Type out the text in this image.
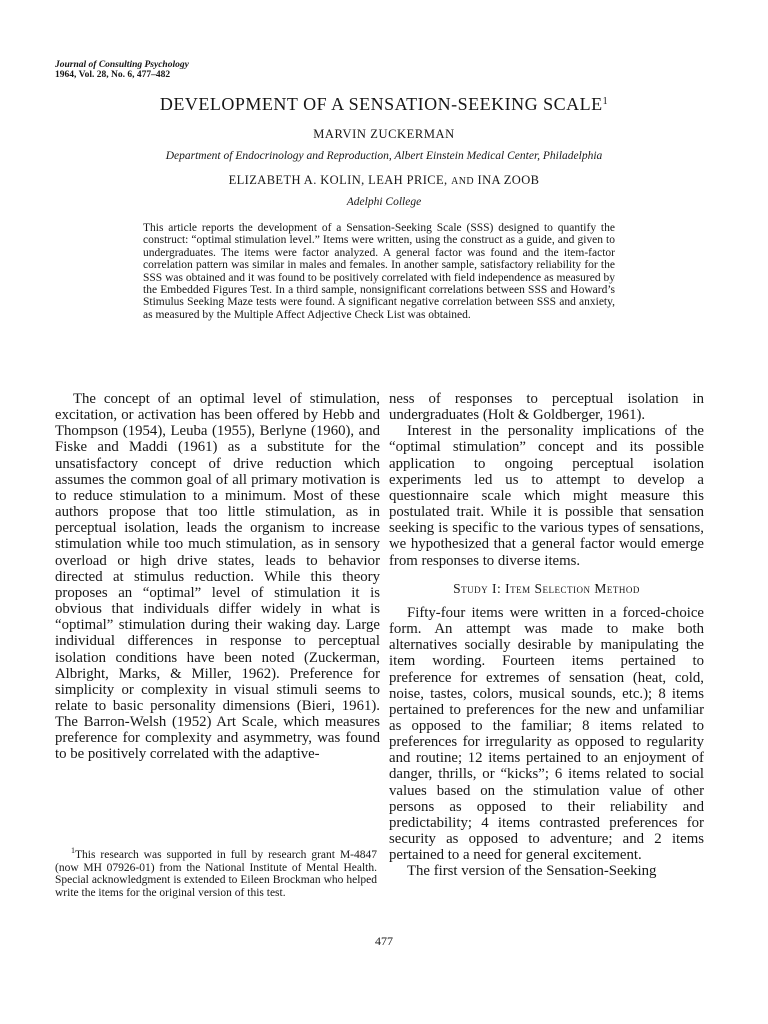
Journal of Consulting Psychology
1964, Vol. 28, No. 6, 477–482
DEVELOPMENT OF A SENSATION-SEEKING SCALE$^1$
MARVIN ZUCKERMAN
Department of Endocrinology and Reproduction, Albert Einstein Medical Center, Philadelphia
ELIZABETH A. KOLIN, LEAH PRICE, AND INA ZOOB
Adelphi College

This article reports the development of a Sensation-Seeking Scale (SSS) designed to quantify the construct: “optimal stimulation level.” Items were written, using the construct as a guide, and given to undergraduates. The items were factor analyzed. A general factor was found and the item-factor correlation pattern was similar in males and females. In another sample, satisfactory reliability for the SSS was obtained and it was found to be positively correlated with field independence as measured by the Embedded Figures Test. In a third sample, nonsignificant correlations between SSS and Howard’s Stimulus Seeking Maze tests were found. A significant negative correlation between SSS and anxiety, as measured by the Multiple Affect Adjective Check List was obtained.

The concept of an optimal level of stimulation, excitation, or activation has been offered by Hebb and Thompson (1954), Leuba (1955), Berlyne (1960), and Fiske and Maddi (1961) as a substitute for the unsatisfactory concept of drive reduction which assumes the common goal of all primary motivation is to reduce stimulation to a minimum. Most of these authors propose that too little stimulation, as in perceptual isolation, leads the organism to increase stimulation while too much stimulation, as in sensory overload or high drive states, leads to behavior directed at stimulus reduction. While this theory proposes an “optimal” level of stimulation it is obvious that individuals differ widely in what is “optimal” stimulation during their waking day. Large individual differences in response to perceptual isolation conditions have been noted (Zuckerman, Albright, Marks, & Miller, 1962). Preference for simplicity or complexity in visual stimuli seems to relate to basic personality dimensions (Bieri, 1961). The Barron-Welsh (1952) Art Scale, which measures preference for complexity and asymmetry, was found to be positively correlated with the adaptive-

$^1$This research was supported in full by research grant M-4847 (now MH 07926-01) from the National Institute of Mental Health. Special acknowledgment is extended to Eileen Brockman who helped write the items for the original version of this test.

ness of responses to perceptual isolation in undergraduates (Holt & Goldberger, 1961).

Interest in the personality implications of the “optimal stimulation” concept and its possible application to ongoing perceptual isolation experiments led us to attempt to develop a questionnaire scale which might measure this postulated trait. While it is possible that sensation seeking is specific to the various types of sensations, we hypothesized that a general factor would emerge from responses to diverse items.

Study I: Item Selection Method

Fifty-four items were written in a forced-choice form. An attempt was made to make both alternatives socially desirable by manipulating the item wording. Fourteen items pertained to preference for extremes of sensation (heat, cold, noise, tastes, colors, musical sounds, etc.); 8 items pertained to preferences for the new and unfamiliar as opposed to the familiar; 8 items related to preferences for irregularity as opposed to regularity and routine; 12 items pertained to an enjoyment of danger, thrills, or “kicks”; 6 items related to social values based on the stimulation value of other persons as opposed to their reliability and predictability; 4 items contrasted preferences for security as opposed to adventure; and 2 items pertained to a need for general excitement.

The first version of the Sensation-Seeking

477
